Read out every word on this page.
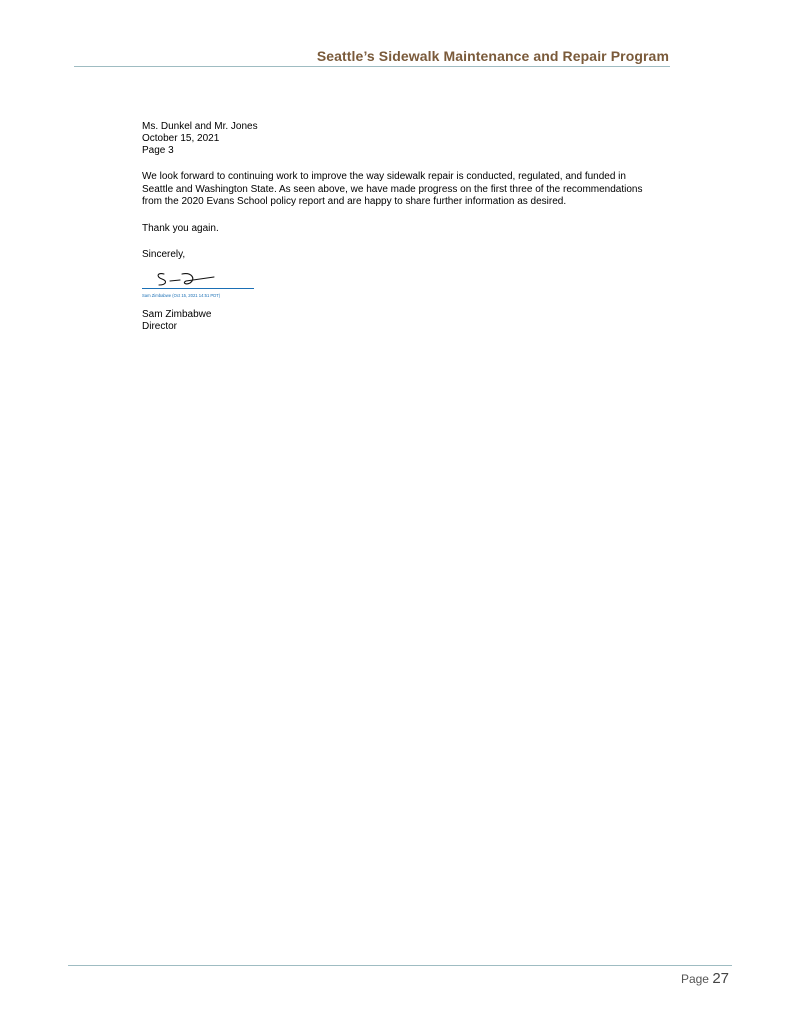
Seattle’s Sidewalk Maintenance and Repair Program

Ms. Dunkel and Mr. Jones

October 15, 2021

Page 3

We look forward to continuing work to improve the way sidewalk repair is conducted, regulated, and funded in Seattle and Washington State. As seen above, we have made progress on the first three of the recommendations from the 2020 Evans School policy report and are happy to share further information as desired.

Thank you again.

Sincerely,

Sam Zimbabwe (Oct 15, 2021 14:51 PDT)

Sam Zimbabwe

Director

Page 27
